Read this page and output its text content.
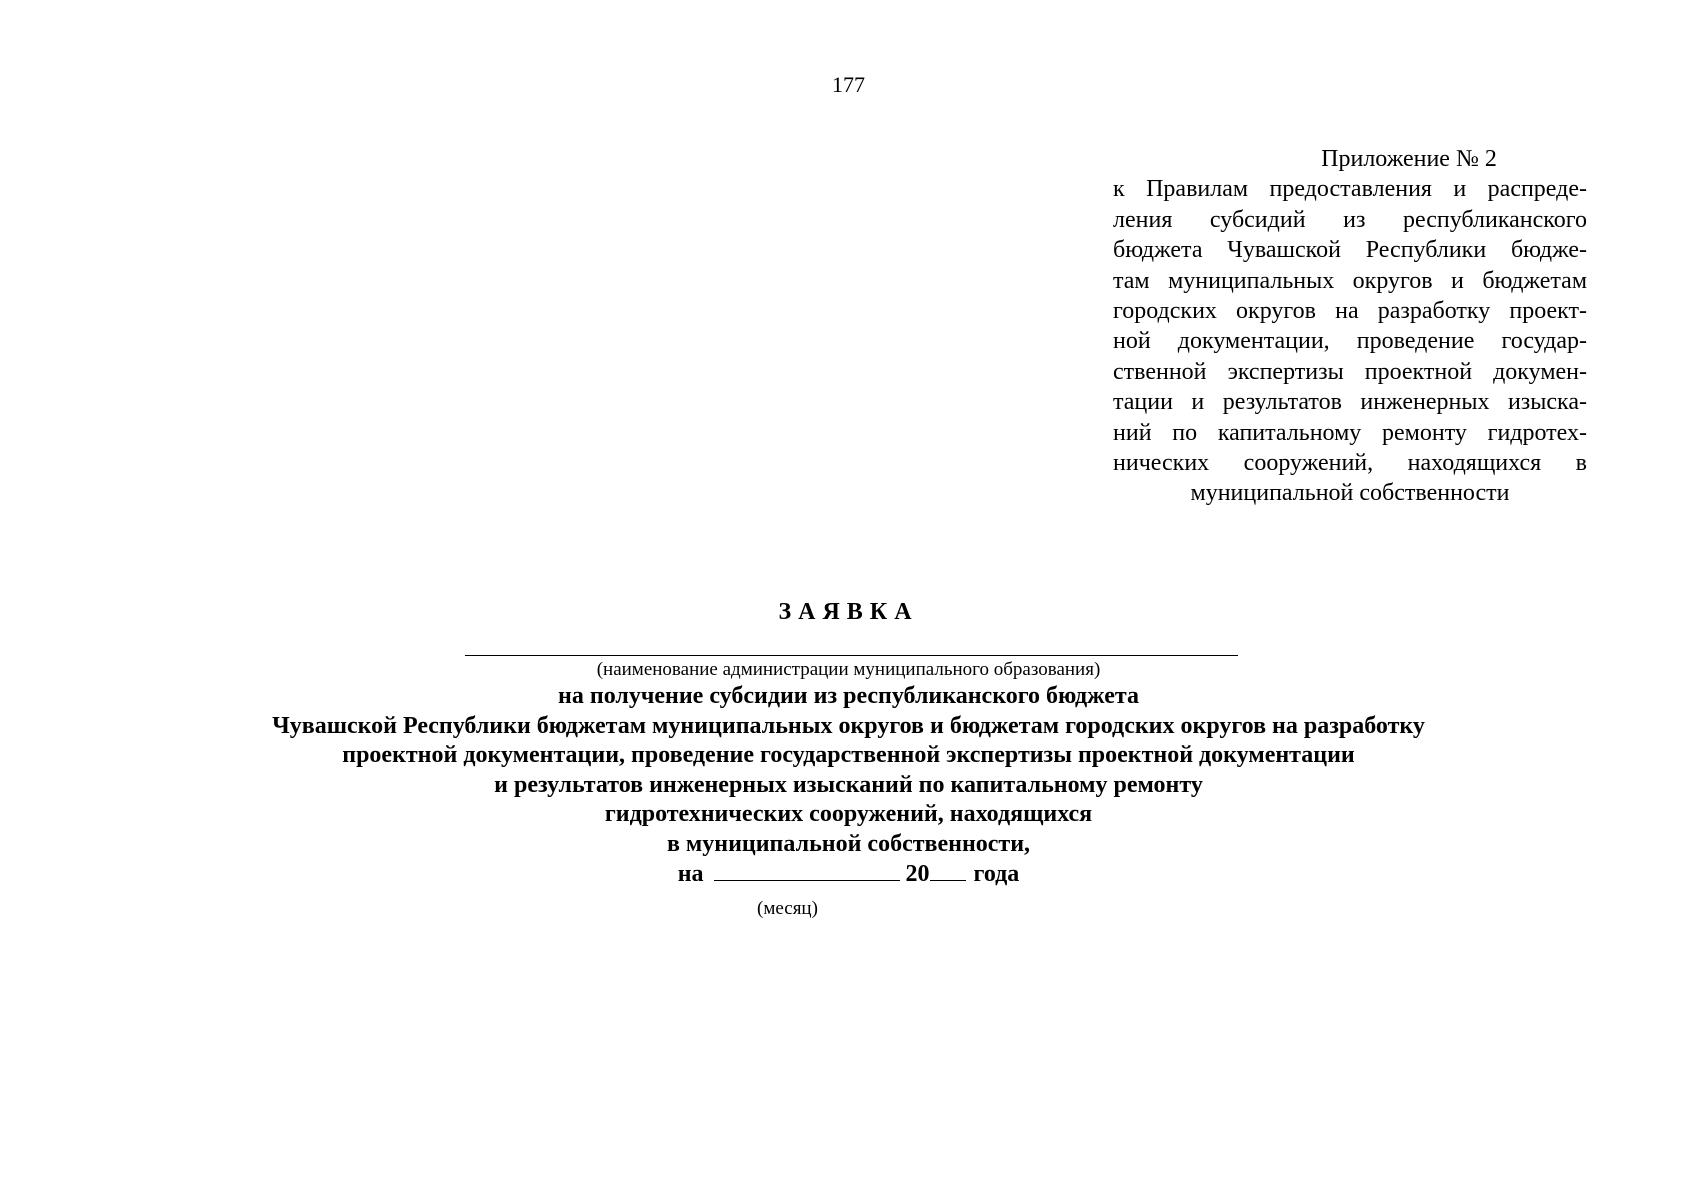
177
Приложение № 2
к Правилам предоставления и распреде-
ления субсидий из республиканского
бюджета Чувашской Республики бюдже-
там муниципальных округов и бюджетам
городских округов на разработку проект-
ной документации, проведение государ-
ственной экспертизы проектной докумен-
тации и результатов инженерных изыска-
ний по капитальному ремонту гидротех-
нических сооружений, находящихся в
муниципальной собственности
ЗАЯВКА
(наименование администрации муниципального образования)
на получение субсидии из республиканского бюджета
Чувашской Республики бюджетам муниципальных округов и бюджетам городских округов на разработку
проектной документации, проведение государственной экспертизы проектной документации
и результатов инженерных изысканий по капитальному ремонту
гидротехнических сооружений, находящихся
в муниципальной собственности,
на	20 года
(месяц)
